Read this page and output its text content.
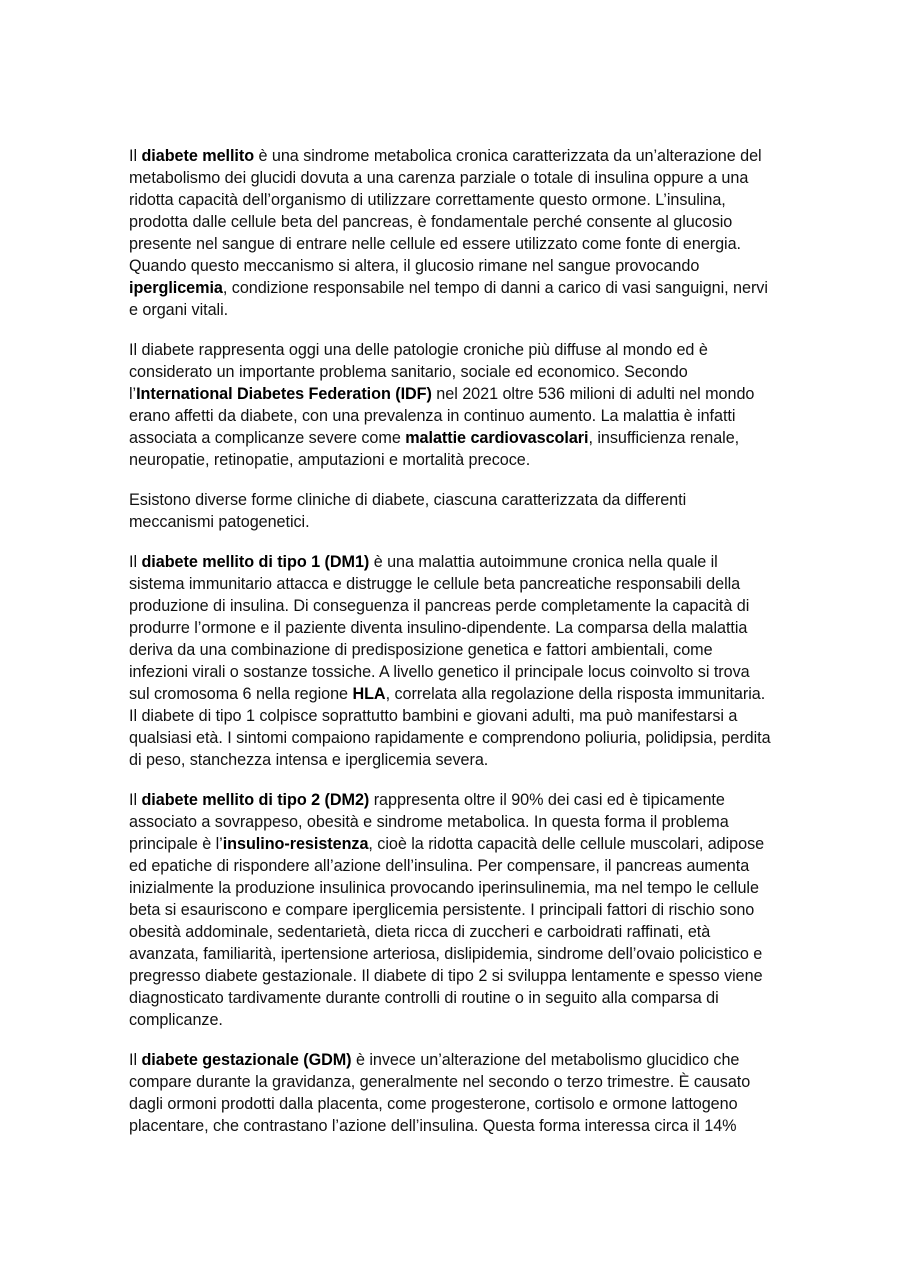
Il diabete mellito è una sindrome metabolica cronica caratterizzata da un’alterazione del metabolismo dei glucidi dovuta a una carenza parziale o totale di insulina oppure a una ridotta capacità dell’organismo di utilizzare correttamente questo ormone. L’insulina, prodotta dalle cellule beta del pancreas, è fondamentale perché consente al glucosio presente nel sangue di entrare nelle cellule ed essere utilizzato come fonte di energia. Quando questo meccanismo si altera, il glucosio rimane nel sangue provocando iperglicemia, condizione responsabile nel tempo di danni a carico di vasi sanguigni, nervi e organi vitali.

Il diabete rappresenta oggi una delle patologie croniche più diffuse al mondo ed è considerato un importante problema sanitario, sociale ed economico. Secondo l’International Diabetes Federation (IDF) nel 2021 oltre 536 milioni di adulti nel mondo erano affetti da diabete, con una prevalenza in continuo aumento. La malattia è infatti associata a complicanze severe come malattie cardiovascolari, insufficienza renale, neuropatie, retinopatie, amputazioni e mortalità precoce.

Esistono diverse forme cliniche di diabete, ciascuna caratterizzata da differenti meccanismi patogenetici.

Il diabete mellito di tipo 1 (DM1) è una malattia autoimmune cronica nella quale il sistema immunitario attacca e distrugge le cellule beta pancreatiche responsabili della produzione di insulina. Di conseguenza il pancreas perde completamente la capacità di produrre l’ormone e il paziente diventa insulino-dipendente. La comparsa della malattia deriva da una combinazione di predisposizione genetica e fattori ambientali, come infezioni virali o sostanze tossiche. A livello genetico il principale locus coinvolto si trova sul cromosoma 6 nella regione HLA, correlata alla regolazione della risposta immunitaria. Il diabete di tipo 1 colpisce soprattutto bambini e giovani adulti, ma può manifestarsi a qualsiasi età. I sintomi compaiono rapidamente e comprendono poliuria, polidipsia, perdita di peso, stanchezza intensa e iperglicemia severa.

Il diabete mellito di tipo 2 (DM2) rappresenta oltre il 90% dei casi ed è tipicamente associato a sovrappeso, obesità e sindrome metabolica. In questa forma il problema principale è l’insulino-resistenza, cioè la ridotta capacità delle cellule muscolari, adipose ed epatiche di rispondere all’azione dell’insulina. Per compensare, il pancreas aumenta inizialmente la produzione insulinica provocando iperinsulinemia, ma nel tempo le cellule beta si esauriscono e compare iperglicemia persistente. I principali fattori di rischio sono obesità addominale, sedentarietà, dieta ricca di zuccheri e carboidrati raffinati, età avanzata, familiarità, ipertensione arteriosa, dislipidemia, sindrome dell’ovaio policistico e pregresso diabete gestazionale. Il diabete di tipo 2 si sviluppa lentamente e spesso viene diagnosticato tardivamente durante controlli di routine o in seguito alla comparsa di complicanze.

Il diabete gestazionale (GDM) è invece un’alterazione del metabolismo glucidico che compare durante la gravidanza, generalmente nel secondo o terzo trimestre. È causato dagli ormoni prodotti dalla placenta, come progesterone, cortisolo e ormone lattogeno placentare, che contrastano l’azione dell’insulina. Questa forma interessa circa il 14%
